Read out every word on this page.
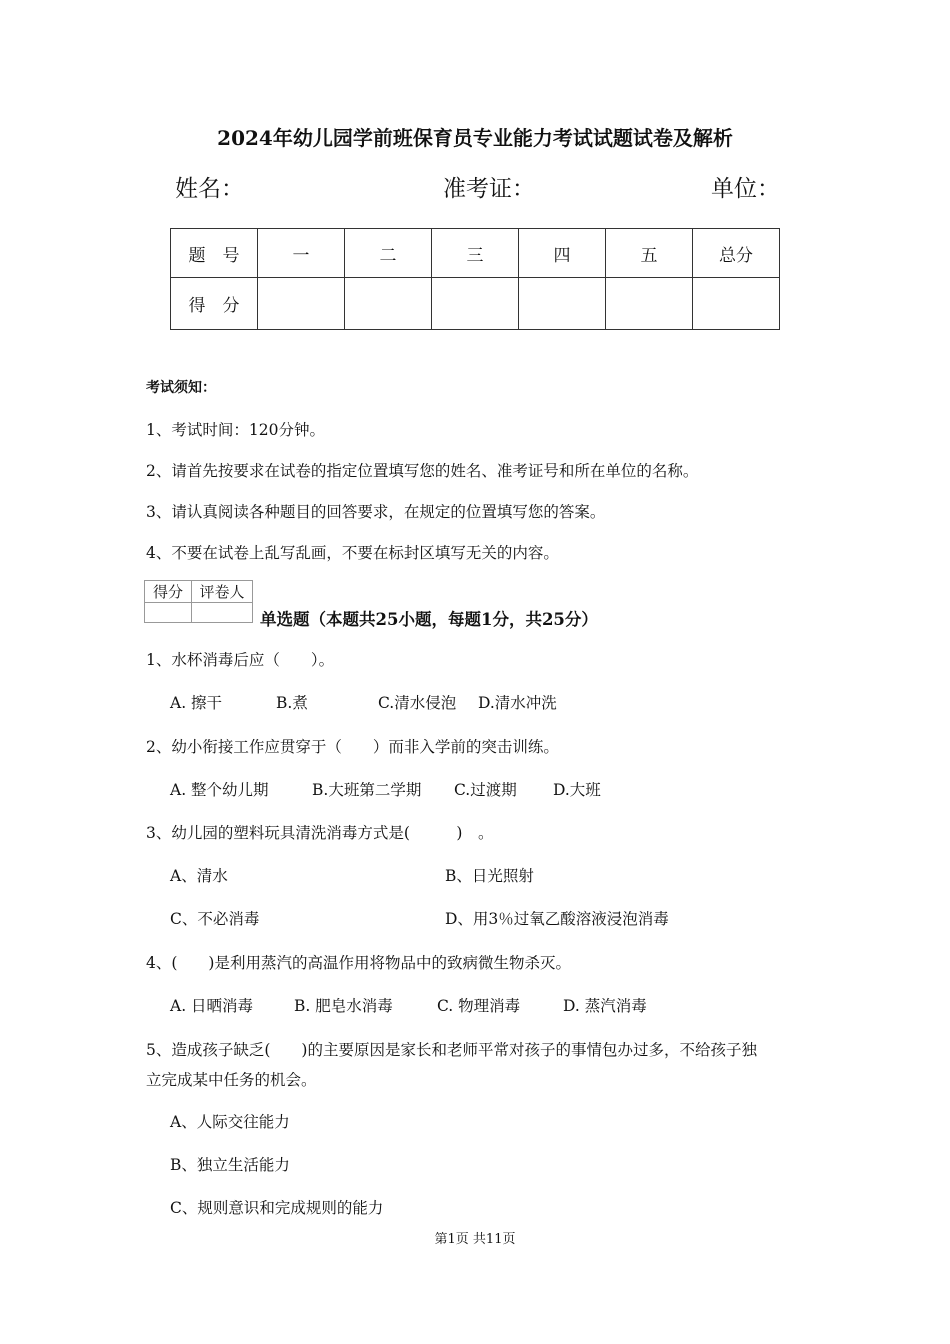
2024年幼儿园学前班保育员专业能力考试试题试卷及解析
姓名：	准考证：	单位：
题　号	一	二	三	四	五	总分
得　分						
考试须知：
1、考试时间：120分钟。
2、请首先按要求在试卷的指定位置填写您的姓名、准考证号和所在单位的名称。
3、请认真阅读各种题目的回答要求，在规定的位置填写您的答案。
4、不要在试卷上乱写乱画，不要在标封区填写无关的内容。
得分	评卷人

单选题（本题共25小题，每题1分，共25分）
1、水杯消毒后应（　　）。
A. 擦干	B.煮	C.清水侵泡 D.清水冲洗
2、幼小衔接工作应贯穿于（　　）而非入学前的突击训练。
A. 整个幼儿期	B.大班第二学期 C.过渡期 D.大班
3、幼儿园的塑料玩具清洗消毒方式是(　　　)　。
A、清水	B、日光照射
C、不必消毒	D、用3％过氧乙酸溶液浸泡消毒
4、(　　)是利用蒸汽的高温作用将物品中的致病微生物杀灭。
A. 日晒消毒	B. 肥皂水消毒	C. 物理消毒	D. 蒸汽消毒
5、造成孩子缺乏(　　)的主要原因是家长和老师平常对孩子的事情包办过多，不给孩子独
立完成某中任务的机会。
A、人际交往能力
B、独立生活能力
C、规则意识和完成规则的能力
第1页 共11页
